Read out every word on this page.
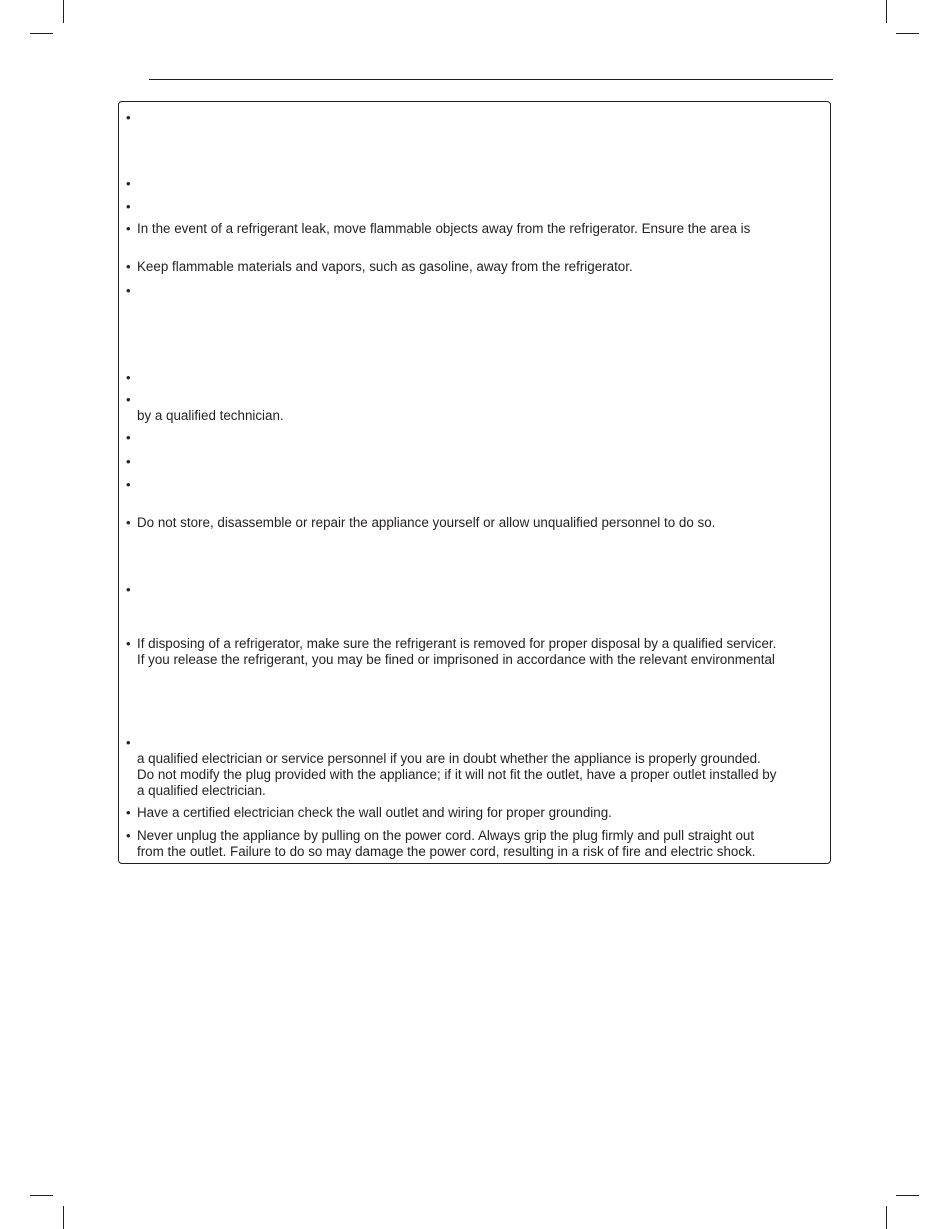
•
•
•
• In the event of a refrigerant leak, move flammable objects away from the refrigerator. Ensure the area is
• Keep flammable materials and vapors, such as gasoline, away from the refrigerator.
•
•
•

by a qualified technician.
•
•
•
• Do not store, disassemble or repair the appliance yourself or allow unqualified personnel to do so.
•
• If disposing of a refrigerator, make sure the refrigerant is removed for proper disposal by a qualified servicer.
If you release the refrigerant, you may be fined or imprisoned in accordance with the relevant environmental
•

a qualified electrician or service personnel if you are in doubt whether the appliance is properly grounded.
Do not modify the plug provided with the appliance; if it will not fit the outlet, have a proper outlet installed by
a qualified electrician.
• Have a certified electrician check the wall outlet and wiring for proper grounding.
• Never unplug the appliance by pulling on the power cord. Always grip the plug firmly and pull straight out
from the outlet. Failure to do so may damage the power cord, resulting in a risk of fire and electric shock.
